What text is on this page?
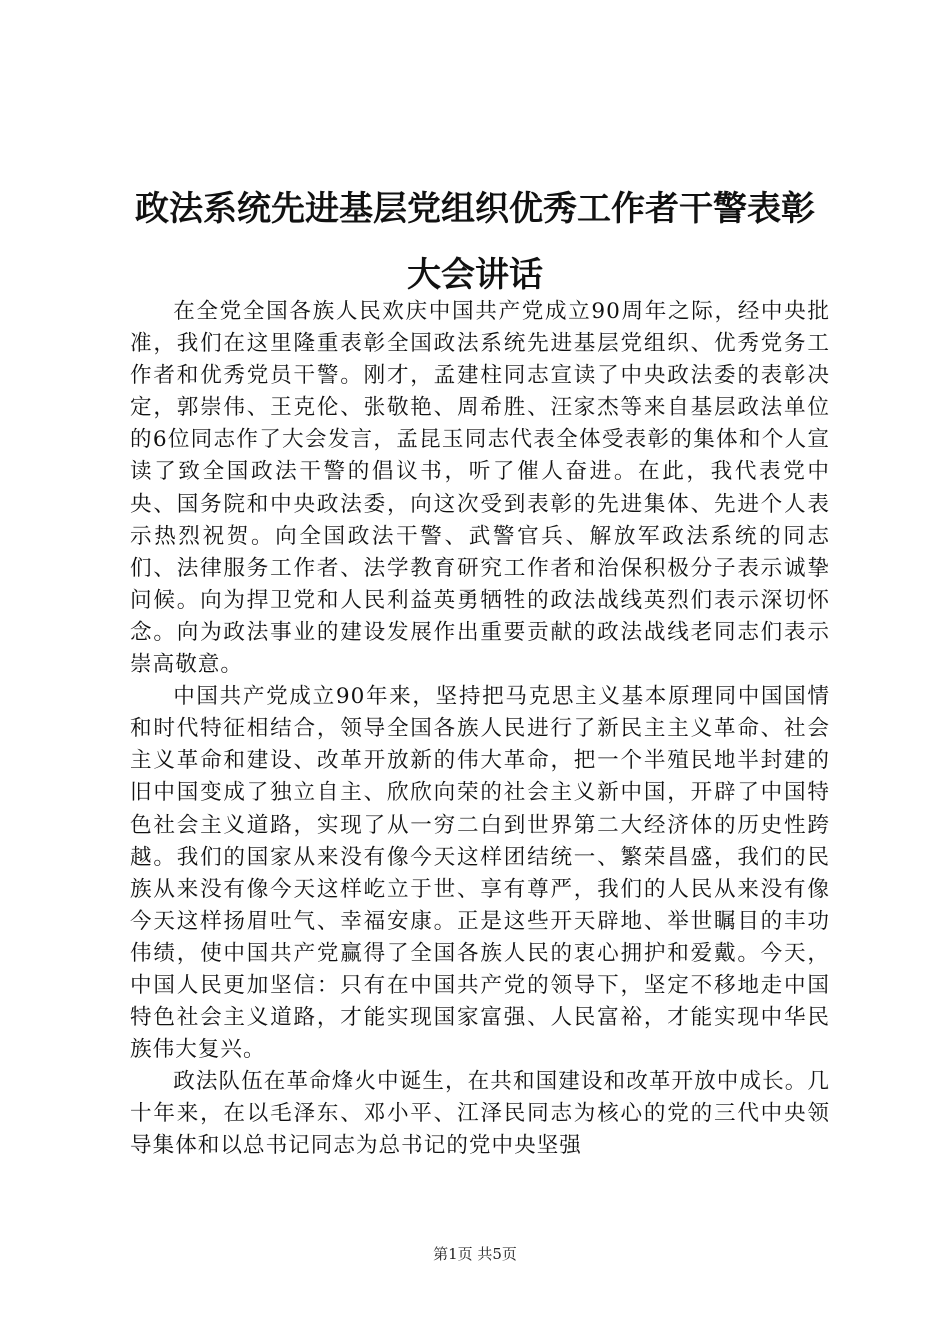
政法系统先进基层党组织优秀工作者干警表彰
大会讲话

在全党全国各族人民欢庆中国共产党成立90周年之际，经中央批准，我们在这里隆重表彰全国政法系统先进基层党组织、优秀党务工作者和优秀党员干警。刚才，孟建柱同志宣读了中央政法委的表彰决定，郭崇伟、王克伦、张敬艳、周希胜、汪家杰等来自基层政法单位的6位同志作了大会发言，孟昆玉同志代表全体受表彰的集体和个人宣读了致全国政法干警的倡议书，听了催人奋进。在此，我代表党中央、国务院和中央政法委，向这次受到表彰的先进集体、先进个人表示热烈祝贺。向全国政法干警、武警官兵、解放军政法系统的同志们、法律服务工作者、法学教育研究工作者和治保积极分子表示诚挚问候。向为捍卫党和人民利益英勇牺牲的政法战线英烈们表示深切怀念。向为政法事业的建设发展作出重要贡献的政法战线老同志们表示崇高敬意。

中国共产党成立90年来，坚持把马克思主义基本原理同中国国情和时代特征相结合，领导全国各族人民进行了新民主主义革命、社会主义革命和建设、改革开放新的伟大革命，把一个半殖民地半封建的旧中国变成了独立自主、欣欣向荣的社会主义新中国，开辟了中国特色社会主义道路，实现了从一穷二白到世界第二大经济体的历史性跨越。我们的国家从来没有像今天这样团结统一、繁荣昌盛，我们的民族从来没有像今天这样屹立于世、享有尊严，我们的人民从来没有像今天这样扬眉吐气、幸福安康。正是这些开天辟地、举世瞩目的丰功伟绩，使中国共产党赢得了全国各族人民的衷心拥护和爱戴。今天，中国人民更加坚信：只有在中国共产党的领导下，坚定不移地走中国特色社会主义道路，才能实现国家富强、人民富裕，才能实现中华民族伟大复兴。

政法队伍在革命烽火中诞生，在共和国建设和改革开放中成长。几十年来，在以毛泽东、邓小平、江泽民同志为核心的党的三代中央领导集体和以总书记同志为总书记的党中央坚强

第1页 共5页
